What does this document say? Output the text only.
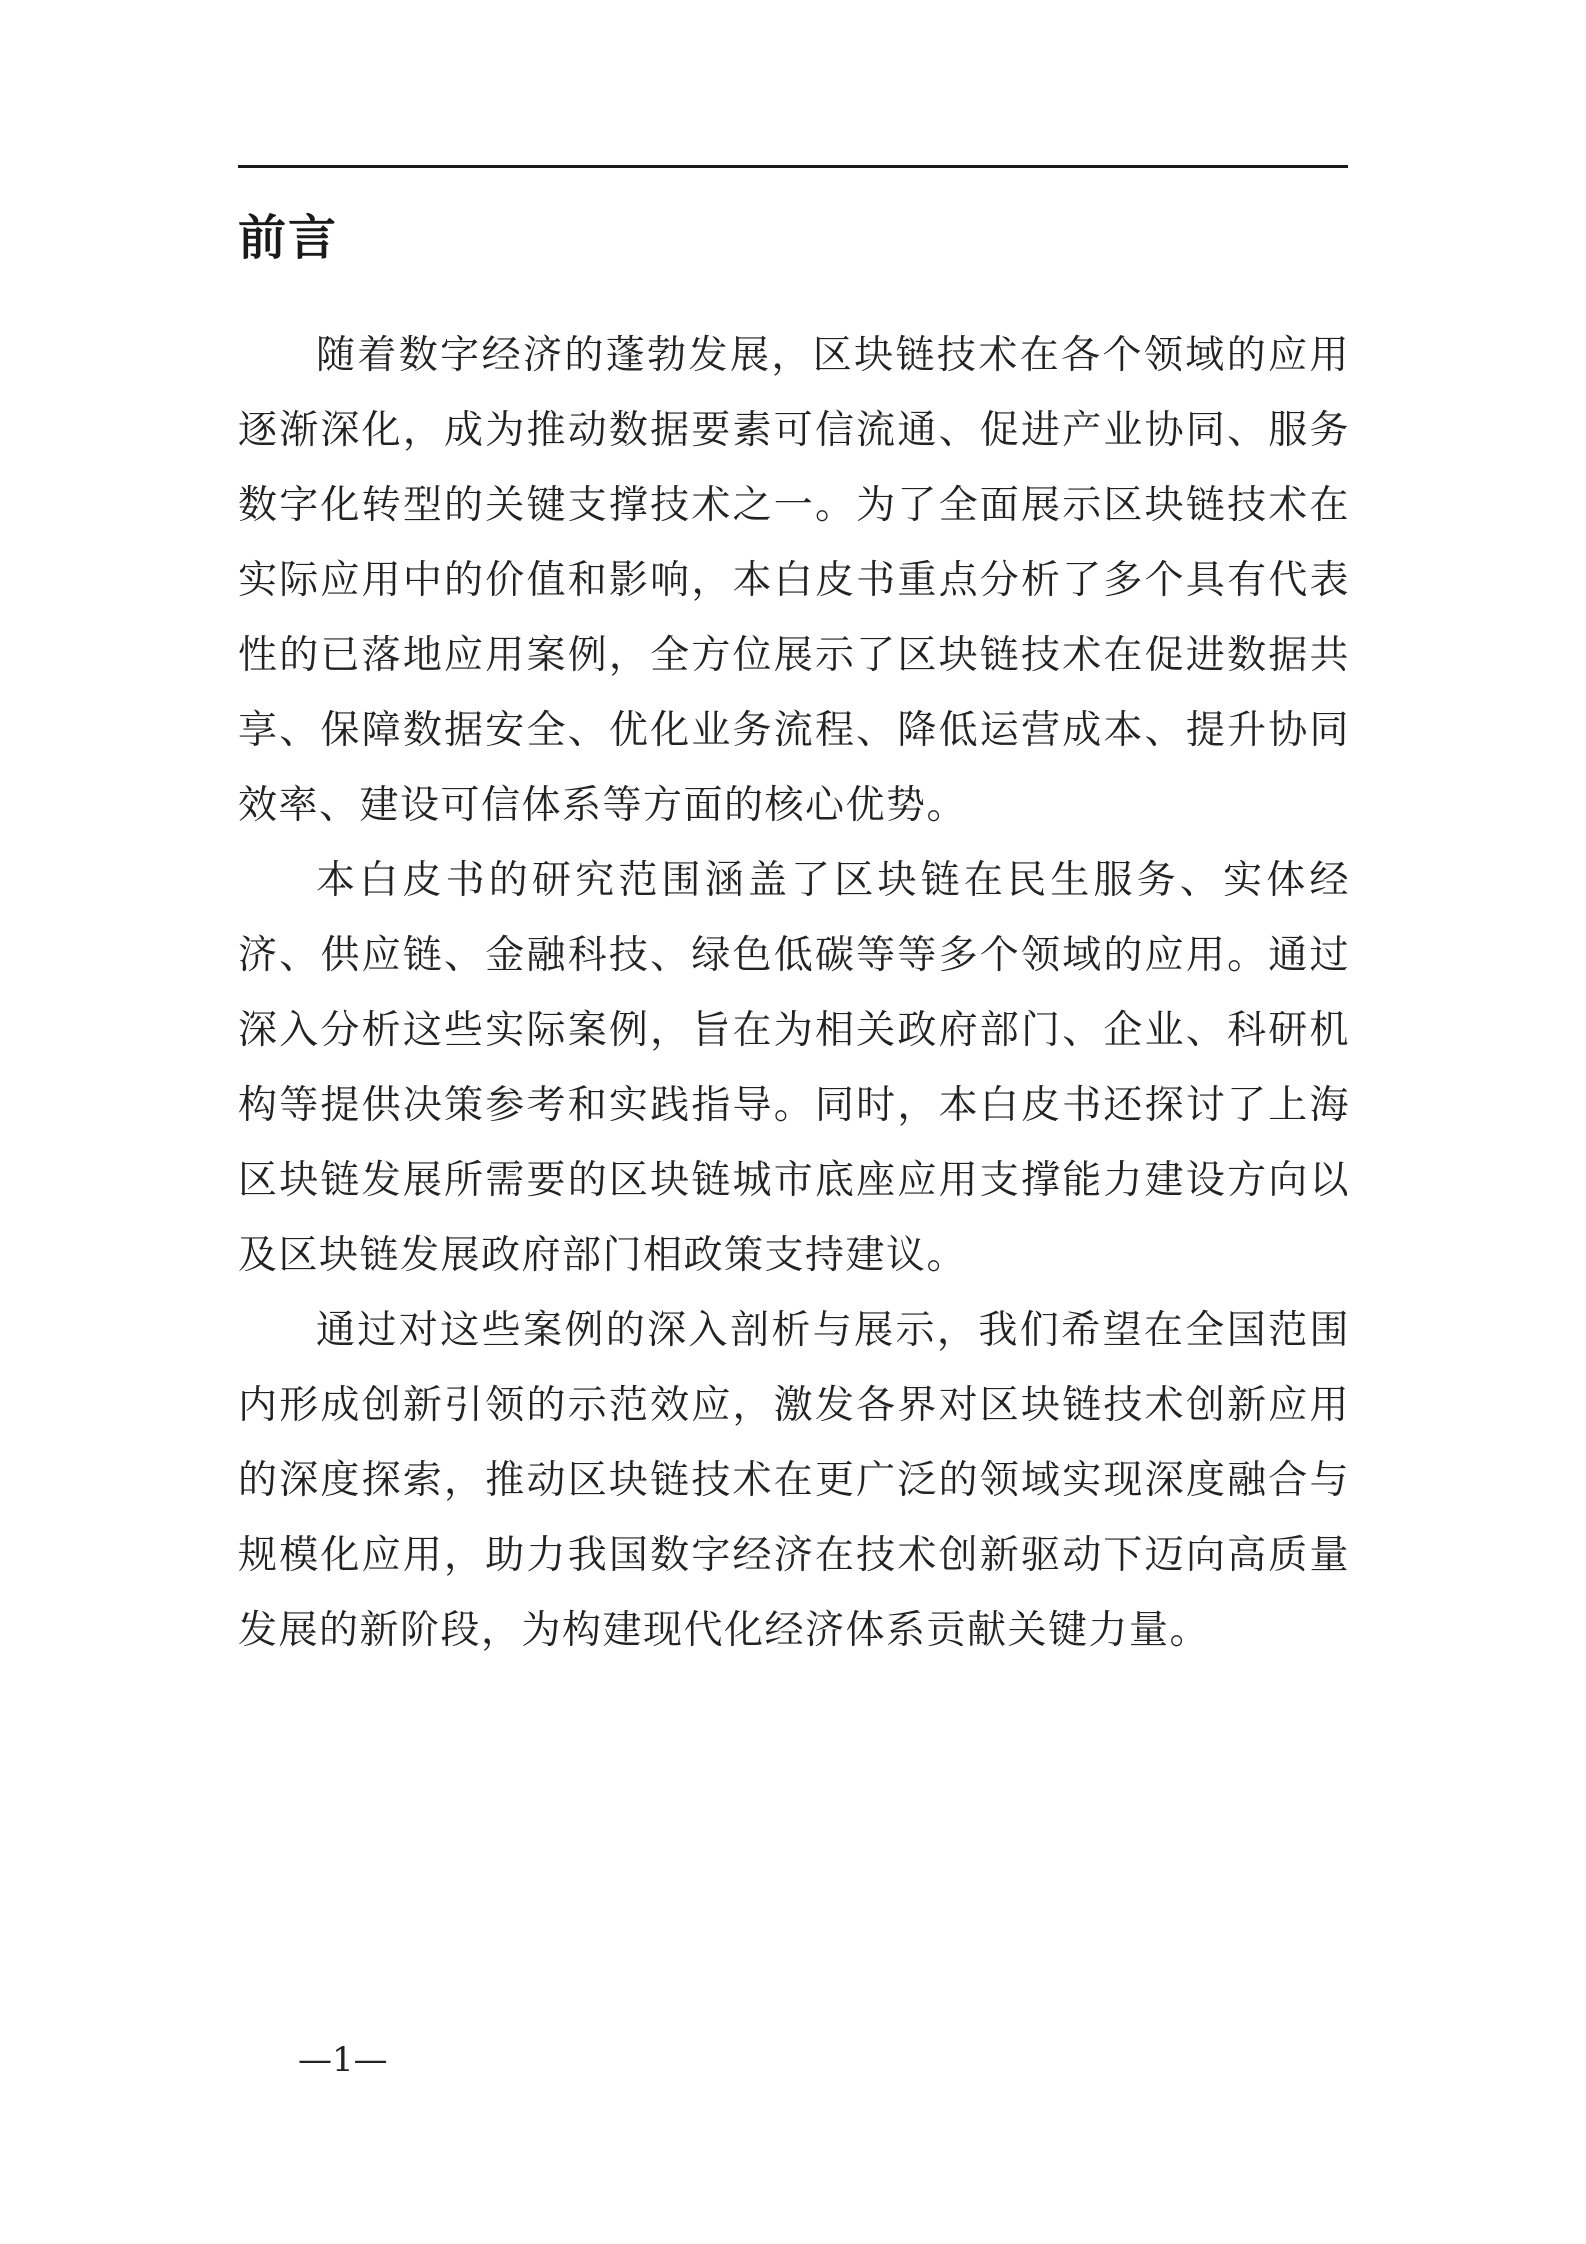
前言

随着数字经济的蓬勃发展，区块链技术在各个领域的应用逐渐深化，成为推动数据要素可信流通、促进产业协同、服务数字化转型的关键支撑技术之一。为了全面展示区块链技术在实际应用中的价值和影响，本白皮书重点分析了多个具有代表性的已落地应用案例，全方位展示了区块链技术在促进数据共享、保障数据安全、优化业务流程、降低运营成本、提升协同效率、建设可信体系等方面的核心优势。

本白皮书的研究范围涵盖了区块链在民生服务、实体经济、供应链、金融科技、绿色低碳等等多个领域的应用。通过深入分析这些实际案例，旨在为相关政府部门、企业、科研机构等提供决策参考和实践指导。同时，本白皮书还探讨了上海区块链发展所需要的区块链城市底座应用支撑能力建设方向以及区块链发展政府部门相政策支持建议。

通过对这些案例的深入剖析与展示，我们希望在全国范围内形成创新引领的示范效应，激发各界对区块链技术创新应用的深度探索，推动区块链技术在更广泛的领域实现深度融合与规模化应用，助力我国数字经济在技术创新驱动下迈向高质量发展的新阶段，为构建现代化经济体系贡献关键力量。

—1—
